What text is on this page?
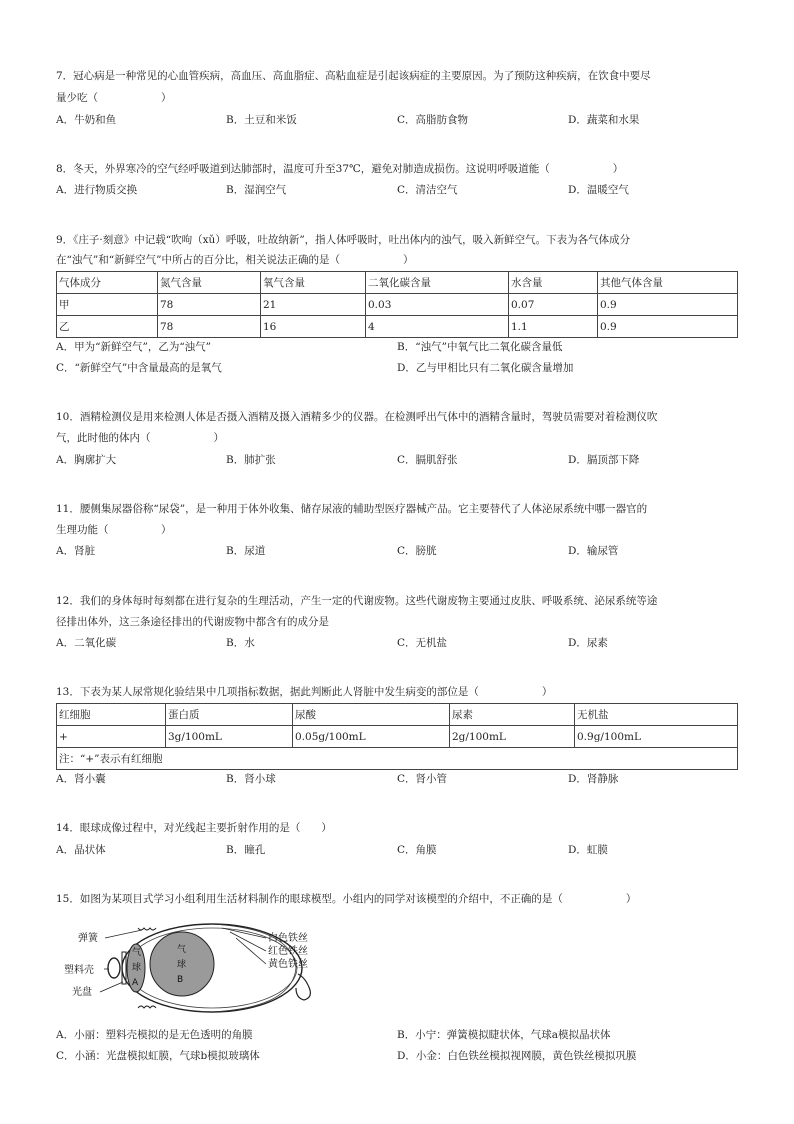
7．冠心病是一种常见的心血管疾病，高血压、高血脂症、高粘血症是引起该病症的主要原因。为了预防这种疾病，在饮食中要尽
量少吃（　　　　　　）
A．牛奶和鱼	B．土豆和米饭	C．高脂肪食物	D．蔬菜和水果
8．冬天，外界寒冷的空气经呼吸道到达肺部时，温度可升至37℃，避免对肺造成损伤。这说明呼吸道能（　　　　　　）
A．进行物质交换	B．湿润空气	C．清洁空气	D．温暖空气
9．《庄子·刻意》中记载“吹呴（xǔ）呼吸，吐故纳新”，指人体呼吸时，吐出体内的浊气，吸入新鲜空气。下表为各气体成分
在“浊气”和“新鲜空气”中所占的百分比，相关说法正确的是（　　　　　　）
气体成分	氮气含量	氧气含量	二氧化碳含量	水含量	其他气体含量
甲	78	21	0.03	0.07	0.9
乙	78	16	4	1.1	0.9
A．甲为“新鲜空气”，乙为“浊气”	B．“浊气”中氧气比二氧化碳含量低
C．“新鲜空气”中含量最高的是氧气	D．乙与甲相比只有二氧化碳含量增加
10．酒精检测仪是用来检测人体是否摄入酒精及摄入酒精多少的仪器。在检测呼出气体中的酒精含量时，驾驶员需要对着检测仪吹
气，此时他的体内（　　　　　　）
A．胸廓扩大	B．肺扩张	C．膈肌舒张	D．膈顶部下降
11．腰侧集尿器俗称“尿袋”，是一种用于体外收集、储存尿液的辅助型医疗器械产品。它主要替代了人体泌尿系统中哪一器官的
生理功能（　　　　　）
A．肾脏	B．尿道	C．膀胱	D．输尿管
12．我们的身体每时每刻都在进行复杂的生理活动，产生一定的代谢废物。这些代谢废物主要通过皮肤、呼吸系统、泌尿系统等途
径排出体外，这三条途径排出的代谢废物中都含有的成分是
A．二氧化碳	B．水	C．无机盐	D．尿素
13．下表为某人尿常规化验结果中几项指标数据，据此判断此人肾脏中发生病变的部位是（　　　　　　）
红细胞	蛋白质	尿酸	尿素	无机盐
+	3g/100mL	0.05g/100mL	2g/100mL	0.9g/100mL
注：“+”表示有红细胞				
A．肾小囊	B．肾小球	C．肾小管	D．肾静脉
14．眼球成像过程中，对光线起主要折射作用的是（　　）
A．晶状体	B．瞳孔	C．角膜	D．虹膜
15．如图为某项目式学习小组利用生活材料制作的眼球模型。小组内的同学对该模型的介绍中，不正确的是（　　　　　　）
气
球
A
气
球
B
弹簧
塑料壳
光盘
白色铁丝
红色铁丝
黄色铁丝
A．小丽：塑料壳模拟的是无色透明的角膜	B．小宁：弹簧模拟睫状体，气球a模拟晶状体
C．小涵：光盘模拟虹膜，气球b模拟玻璃体	D．小金：白色铁丝模拟视网膜，黄色铁丝模拟巩膜
